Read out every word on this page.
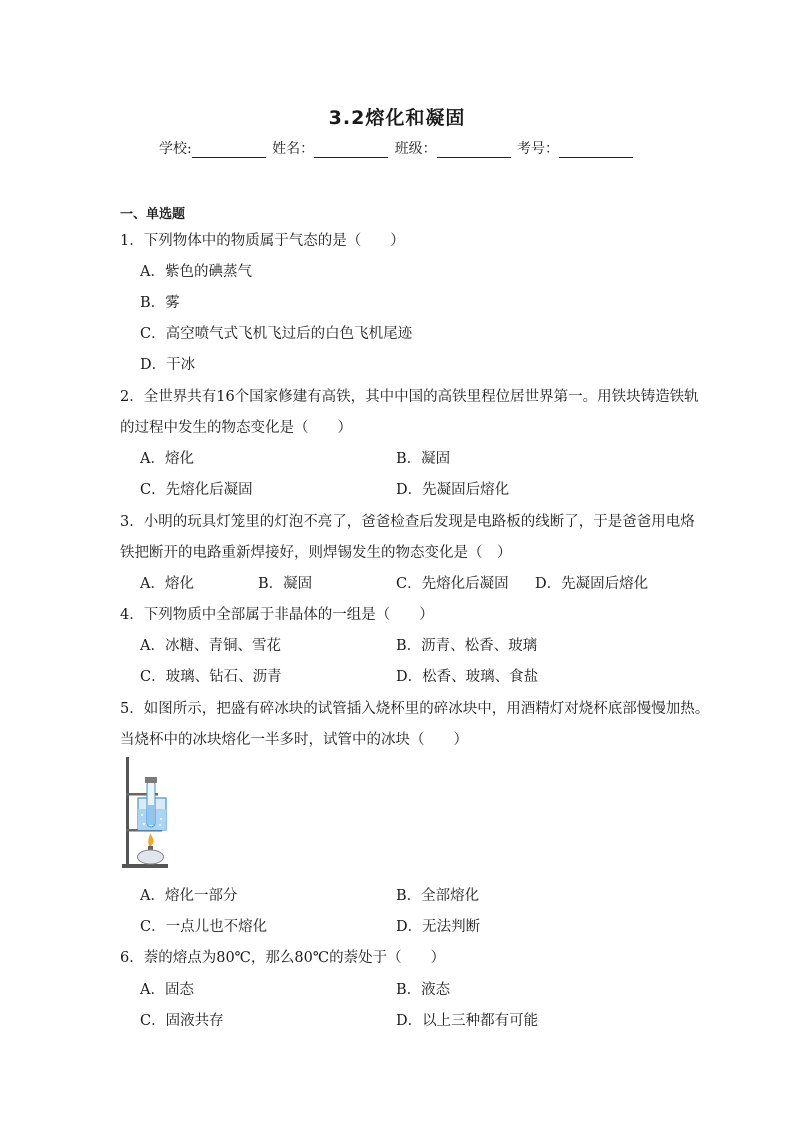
3.2熔化和凝固
学校:	姓名：	班级：	考号：
一、单选题
1．下列物体中的物质属于气态的是（　　）
A．紫色的碘蒸气
B．雾
C．高空喷气式飞机飞过后的白色飞机尾迹
D．干冰
2．全世界共有16个国家修建有高铁，其中中国的高铁里程位居世界第一。用铁块铸造铁轨
的过程中发生的物态变化是（　　）
A．熔化	B．凝固
C．先熔化后凝固	D．先凝固后熔化
3．小明的玩具灯笼里的灯泡不亮了，爸爸检查后发现是电路板的线断了，于是爸爸用电烙
铁把断开的电路重新焊接好，则焊锡发生的物态变化是（　）
A．熔化	B．凝固	C．先熔化后凝固 D．先凝固后熔化
4．下列物质中全部属于非晶体的一组是（　　）
A．冰糖、青铜、雪花	B．沥青、松香、玻璃
C．玻璃、钻石、沥青	D．松香、玻璃、食盐
5．如图所示，把盛有碎冰块的试管插入烧杯里的碎冰块中，用酒精灯对烧杯底部慢慢加热。
当烧杯中的冰块熔化一半多时，试管中的冰块（　　）
A．熔化一部分	B．全部熔化
C．一点儿也不熔化	D．无法判断
6．萘的熔点为80℃，那么80℃的萘处于（　　）
A．固态	B．液态
C．固液共存	D．以上三种都有可能
